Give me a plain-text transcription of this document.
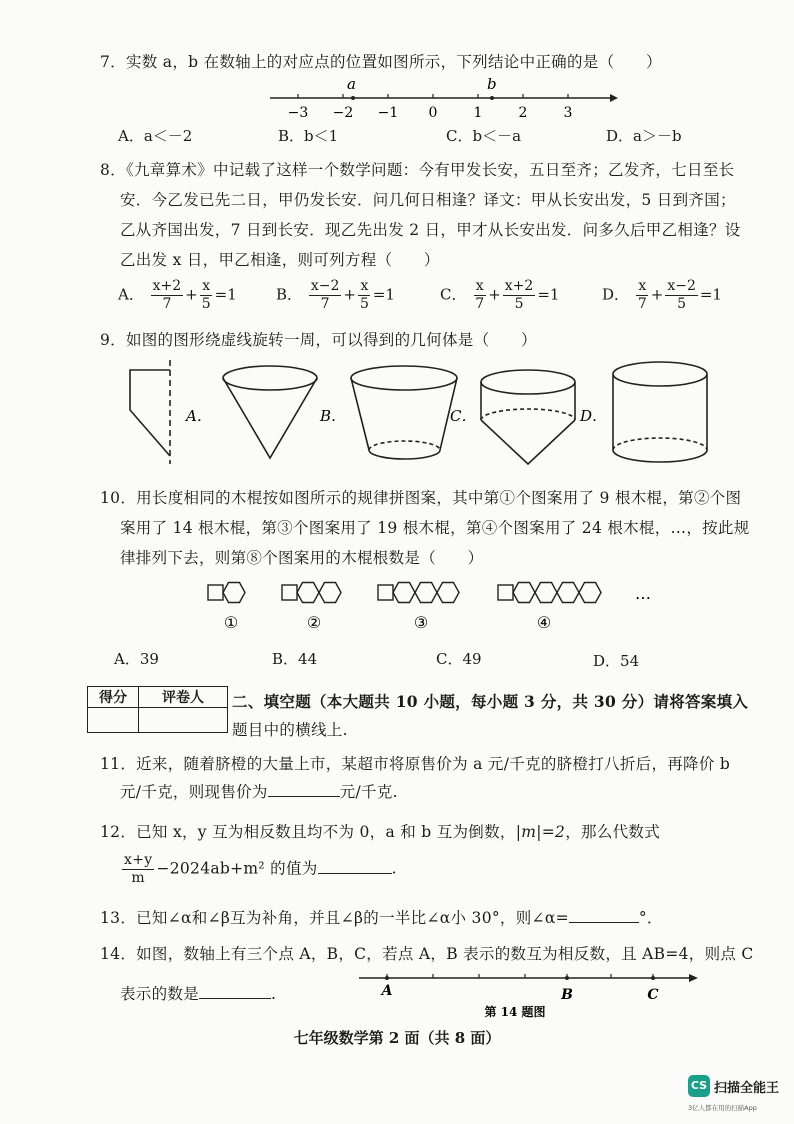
7．实数 a，b 在数轴上的对应点的位置如图所示，下列结论中正确的是（　　）
a	b
−3 −2 −1 0	1	2	3
A．a＜－2	B．b＜1	C．b＜－a	D．a＞－b
8．《九章算术》中记载了这样一个数学问题：今有甲发长安，五日至齐；乙发齐，七日至长
安．今乙发已先二日，甲仍发长安．问几何日相逢？译文：甲从长安出发，5 日到齐国；
乙从齐国出发，7 日到长安．现乙先出发 2 日，甲才从长安出发．问多久后甲乙相逢？设
乙出发 x 日，甲乙相逢，则可列方程（　　）
A． $\frac{x+2}{7} + \frac{x}{5} =1$	B． $\frac{x-2}{7} + \frac{x}{5} =1$	C． $\frac{x}{7} + \frac{x+2}{5} =1$	D． $\frac{x}{7} + \frac{x-2}{5} =1$
9．如图的图形绕虚线旋转一周，可以得到的几何体是（　　）
A．	B．	C．	D．
10．用长度相同的木棍按如图所示的规律拼图案，其中第①个图案用了 9 根木棍，第②个图
案用了 14 根木棍，第③个图案用了 19 根木棍，第④个图案用了 24 根木棍，…，按此规
律排列下去，则第⑧个图案用的木棍根数是（　　）
…
①	②	③	④
A．39	B．44	C．49	D．54
得分	评卷人
	二、填空题（本大题共 10 小题，每小题 3 分，共 30 分）请将答案填入
题目中的横线上.
11．近来，随着脐橙的大量上市，某超市将原售价为 a 元/千克的脐橙打八折后，再降价 b
元/千克，则现售价为	元/千克.
12．已知 x，y 互为相反数且均不为 0，a 和 b 互为倒数，|m|=2，那么代数式
$\frac{x+y}{m} -2024ab+m^2$ 的值为	.
13．已知∠α和∠β互为补角，并且∠β的一半比∠α小 30°，则∠α=	°．
14．如图，数轴上有三个点 A，B，C，若点 A，B 表示的数互为相反数，且 AB=4，则点 C
表示的数是	.	A	B	C
第 14 题图
七年级数学第 2 面（共 8 面）
CS 扫描全能王
3亿人都在用的扫描App
